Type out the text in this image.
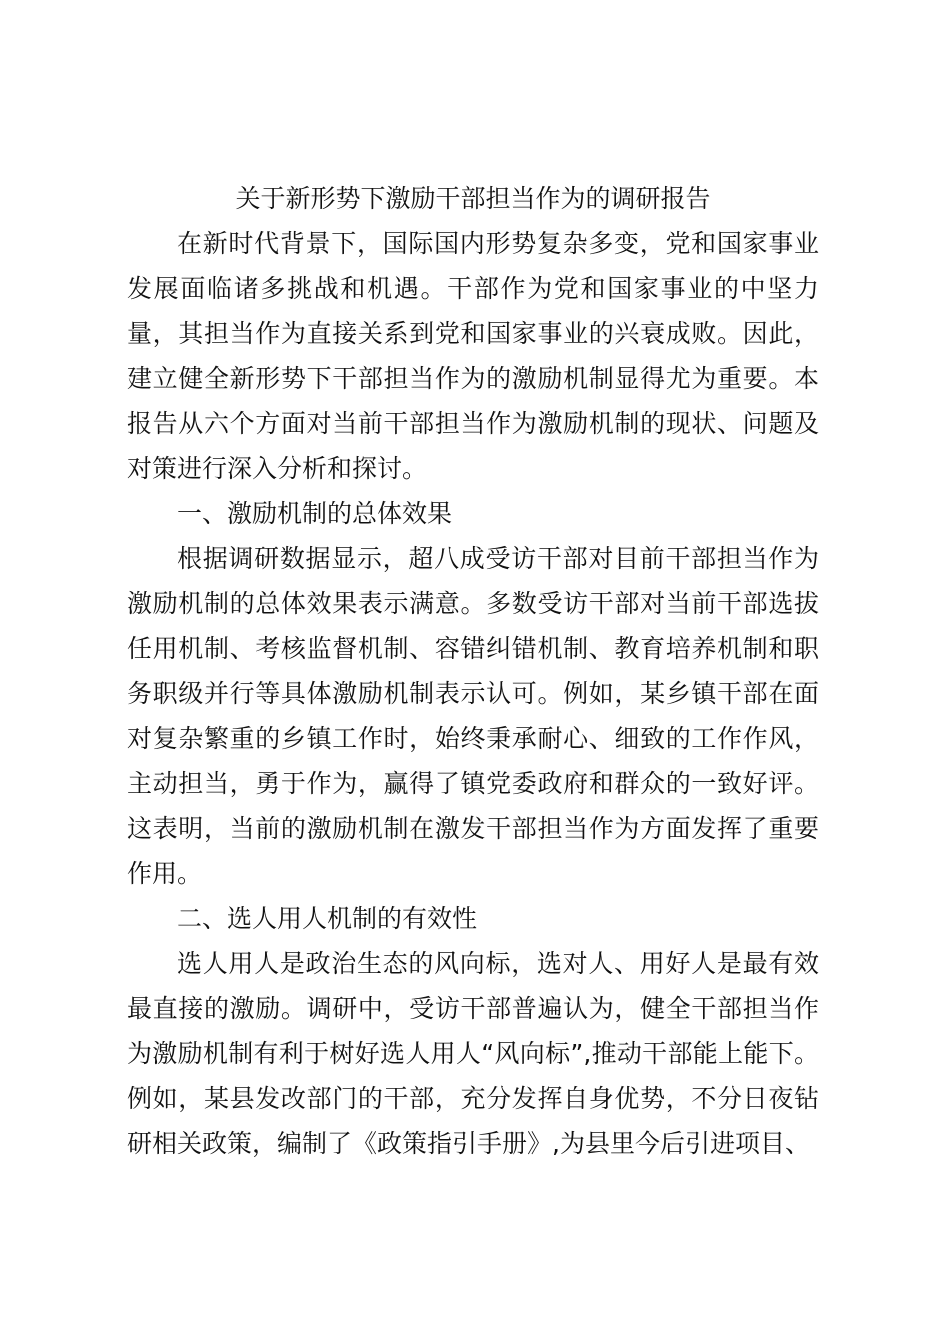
关于新形势下激励干部担当作为的调研报告

在新时代背景下，国际国内形势复杂多变，党和国家事业发展面临诸多挑战和机遇。干部作为党和国家事业的中坚力量，其担当作为直接关系到党和国家事业的兴衰成败。因此，建立健全新形势下干部担当作为的激励机制显得尤为重要。本报告从六个方面对当前干部担当作为激励机制的现状、问题及对策进行深入分析和探讨。

一、激励机制的总体效果

根据调研数据显示，超八成受访干部对目前干部担当作为激励机制的总体效果表示满意。多数受访干部对当前干部选拔任用机制、考核监督机制、容错纠错机制、教育培养机制和职务职级并行等具体激励机制表示认可。例如，某乡镇干部在面对复杂繁重的乡镇工作时，始终秉承耐心、细致的工作作风，主动担当，勇于作为，赢得了镇党委政府和群众的一致好评。这表明，当前的激励机制在激发干部担当作为方面发挥了重要作用。

二、选人用人机制的有效性

选人用人是政治生态的风向标，选对人、用好人是最有效最直接的激励。调研中，受访干部普遍认为，健全干部担当作为激励机制有利于树好选人用人“风向标”,推动干部能上能下。例如，某县发改部门的干部，充分发挥自身优势，不分日夜钻研相关政策，编制了《政策指引手册》,为县里今后引进项目、
